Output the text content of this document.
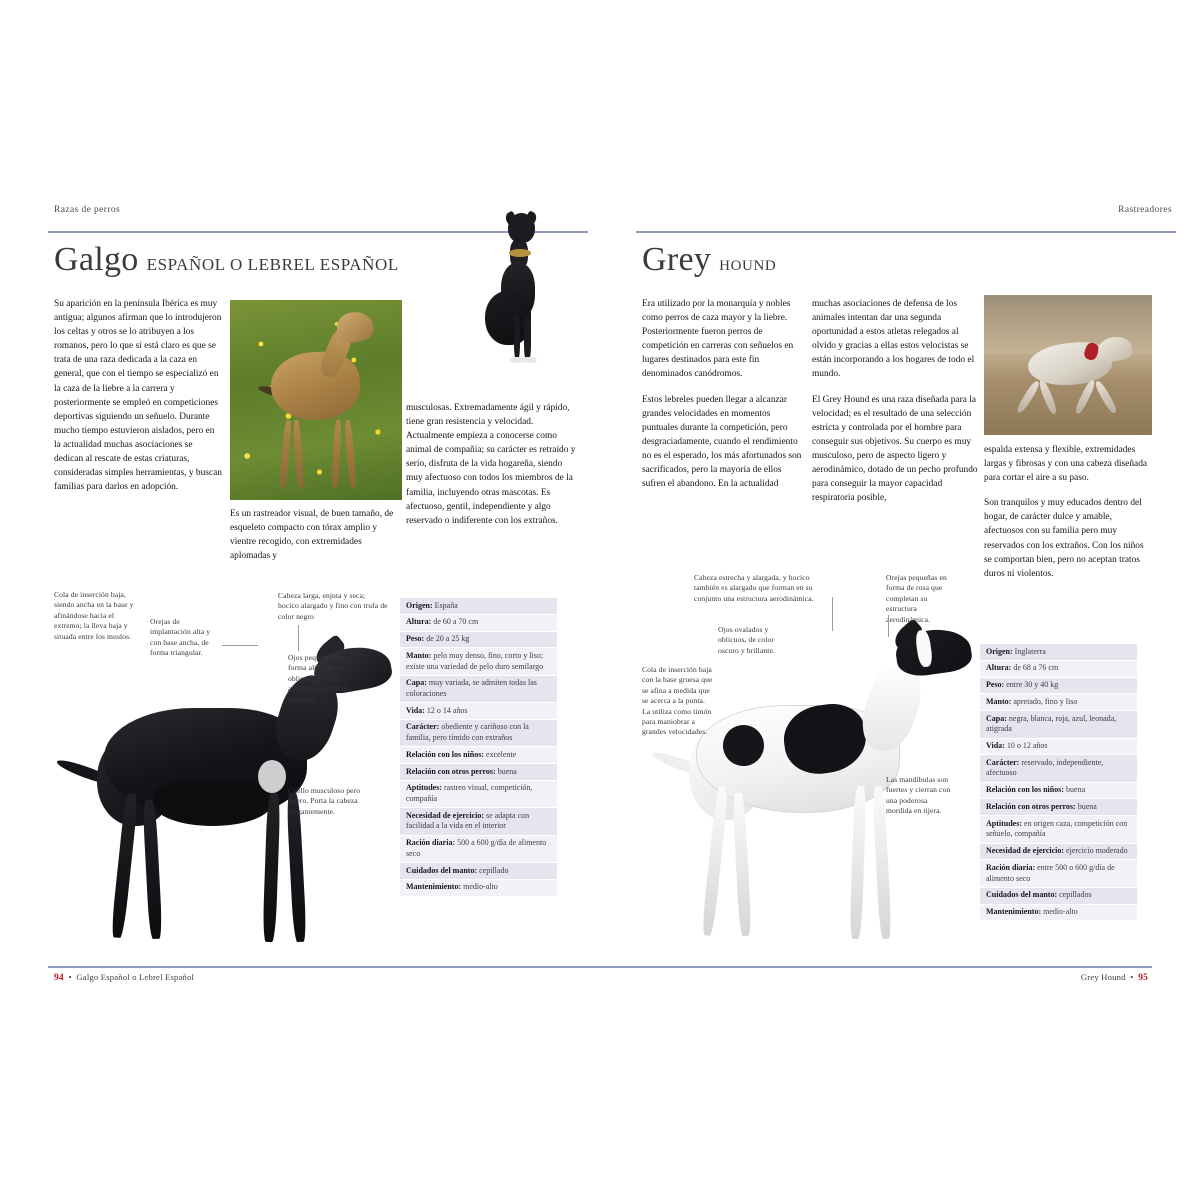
Razas de perros
Galgo ESPAÑOL O LEBREL ESPAÑOL

Su aparición en la península Ibérica es muy antigua; algunos afirman que lo introdujeron los celtas y otros se lo atribuyen a los romanos, pero lo que sí está claro es que se trata de una raza dedicada a la caza en general, que con el tiempo se especializó en la caza de la liebre a la carrera y posteriormente se empleó en competiciones deportivas siguiendo un señuelo. Durante mucho tiempo estuvieron aislados, pero en la actualidad muchas asociaciones se dedican al rescate de estas criaturas, consideradas simples herramientas, y buscan familias para darlos en adopción.

Es un rastreador visual, de buen tamaño, de esqueleto compacto con tórax amplio y vientre recogido, con extremidades aplomadas y

musculosas. Extremadamente ágil y rápido, tiene gran resistencia y velocidad. Actualmente empieza a conocerse como animal de compañía; su carácter es retraído y serio, disfruta de la vida hogareña, siendo muy afectuoso con todos los miembros de la familia, incluyendo otras mascotas. Es afectuoso, gentil, independiente y algo reservado o indiferente con los extraños.

Cola de inserción baja, siendo ancha en la base y afinándose hacia el extremo; la lleva baja y situada entre los muslos.
Orejas de implantación alta y con base ancha, de forma triangular.
Cabeza larga, enjuta y seca; hocico alargado y fino con trufa de color negro
Ojos pequeños de forma almendrada y oblicuos de color avellana con mirada tranquila.
Cuello musculoso pero ligero. Porta la cabeza elegantemente.
Origen: España
Altura: de 60 a 70 cm
Peso: de 20 a 25 kg
Manto: pelo muy denso, fino, corto y liso; existe una variedad de pelo duro semilargo
Capa: muy variada, se admiten todas las coloraciones
Vida: 12 o 14 años
Carácter: obediente y cariñoso con la familia, pero tímido con extraños
Relación con los niños: excelente
Relación con otros perros: buena
Aptitudes: rastreo visual, competición, compañía
Necesidad de ejercicio: se adapta con facilidad a la vida en el interior
Ración diaria: 500 a 600 g/día de alimento seco
Cuidados del manto: cepillado
Mantenimiento: medio-alto
Rastreadores
Grey HOUND

Era utilizado por la monarquía y nobles como perros de caza mayor y la liebre. Posteriormente fueron perros de competición en carreras con señuelos en lugares destinados para este fin denominados canódromos.

Estos lebreles pueden llegar a alcanzar grandes velocidades en momentos puntuales durante la competición, pero desgraciadamente, cuando el rendimiento no es el esperado, los más afortunados son sacrificados, pero la mayoría de ellos sufren el abandono. En la actualidad

muchas asociaciones de defensa de los animales intentan dar una segunda oportunidad a estos atletas relegados al olvido y gracias a ellas estos velocistas se están incorporando a los hogares de todo el mundo.

El Grey Hound es una raza diseñada para la velocidad; es el resultado de una selección estricta y controlada por el hombre para conseguir sus objetivos. Su cuerpo es muy musculoso, pero de aspecto ligero y aerodinámico, dotado de un pecho profundo para conseguir la mayor capacidad respiratoria posible,

espalda extensa y flexible, extremidades largas y fibrosas y con una cabeza diseñada para cortar el aire a su paso.

Son tranquilos y muy educados dentro del hogar, de carácter dulce y amable, afectuosos con su familia pero muy reservados con los extraños. Con los niños se comportan bien, pero no aceptan tratos duros ni violentos.

Cabeza estrecha y alargada, y hocico también es alargado que forman en su conjunto una estructura aerodinámica.
Orejas pequeñas en forma de rosa que completan su estructura aerodinámica.
Ojos ovalados y oblicuos, de color oscuro y brillante.
Cola de inserción baja con la base gruesa que se afina a medida que se acerca a la punta. La utiliza como timón para maniobrar a grandes velocidades.
Las mandíbulas son fuertes y cierran con una poderosa mordida en tijera.
Origen: Inglaterra
Altura: de 68 a 76 cm
Peso: entre 30 y 40 kg
Manto: apretado, fino y liso
Capa: negra, blanca, roja, azul, leonada, atigrada
Vida: 10 o 12 años
Carácter: reservado, independiente, afectuoso
Relación con los niños: buena
Relación con otros perros: buena
Aptitudes: en origen caza, competición con señuelo, compañía
Necesidad de ejercicio: ejercicio moderado
Ración diaria: entre 500 o 600 g/día de alimento seco
Cuidados del manto: cepillados
Mantenimiento: medio-alto
94  •  Galgo Español o Lebrel Español	Grey Hound  •  95
